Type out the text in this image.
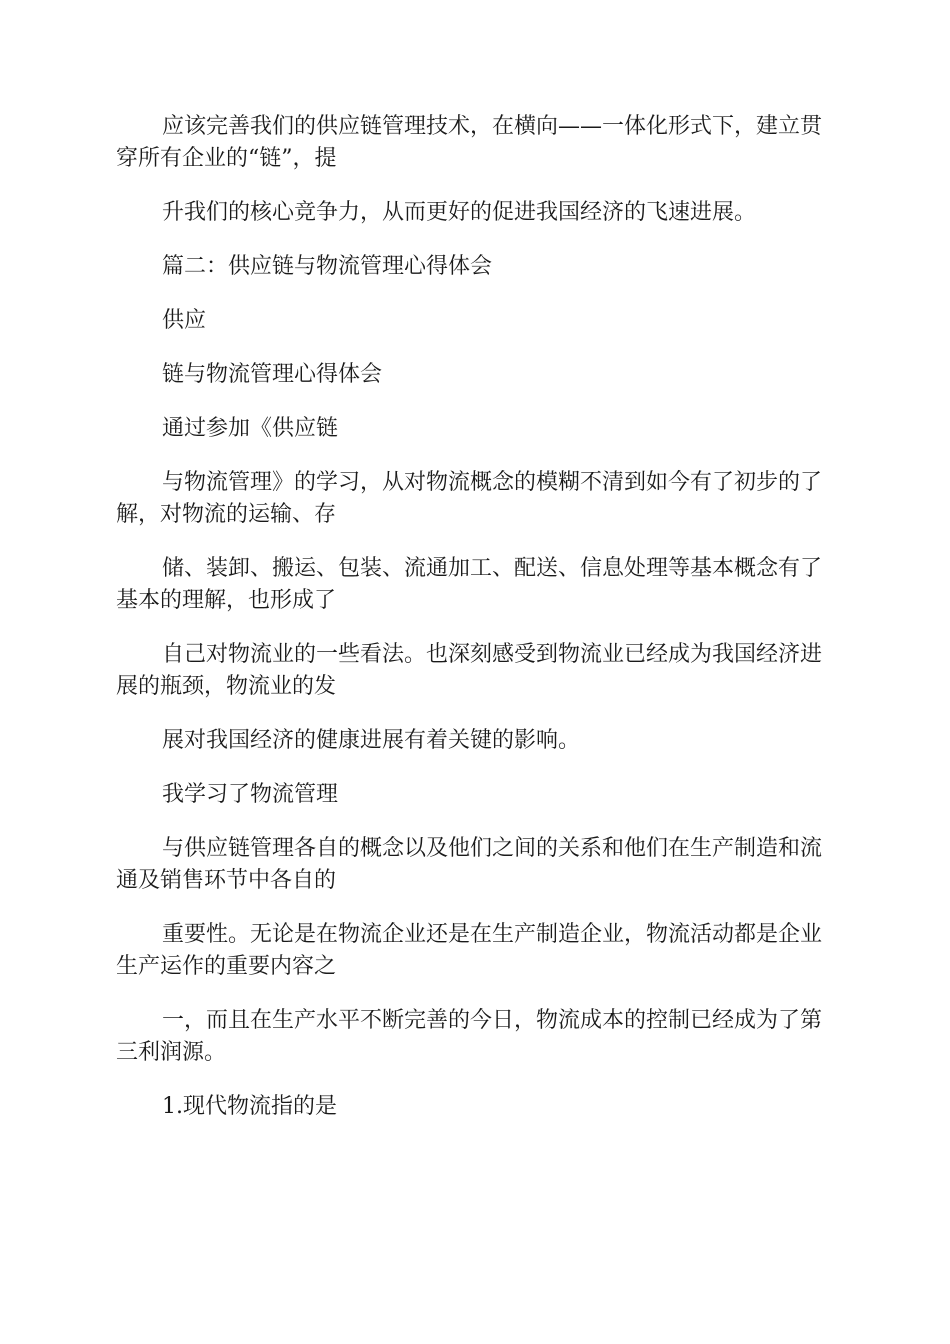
应该完善我们的供应链管理技术，在横向——一体化形式下，建立贯穿所有企业的“链”，提

升我们的核心竞争力，从而更好的促进我国经济的飞速进展。

篇二：供应链与物流管理心得体会

供应

链与物流管理心得体会

通过参加《供应链

与物流管理》的学习，从对物流概念的模糊不清到如今有了初步的了解，对物流的运输、存

储、装卸、搬运、包装、流通加工、配送、信息处理等基本概念有了基本的理解，也形成了

自己对物流业的一些看法。也深刻感受到物流业已经成为我国经济进展的瓶颈，物流业的发

展对我国经济的健康进展有着关键的影响。

我学习了物流管理

与供应链管理各自的概念以及他们之间的关系和他们在生产制造和流通及销售环节中各自的

重要性。无论是在物流企业还是在生产制造企业，物流活动都是企业生产运作的重要内容之

一，而且在生产水平不断完善的今日，物流成本的控制已经成为了第三利润源。

1.现代物流指的是
